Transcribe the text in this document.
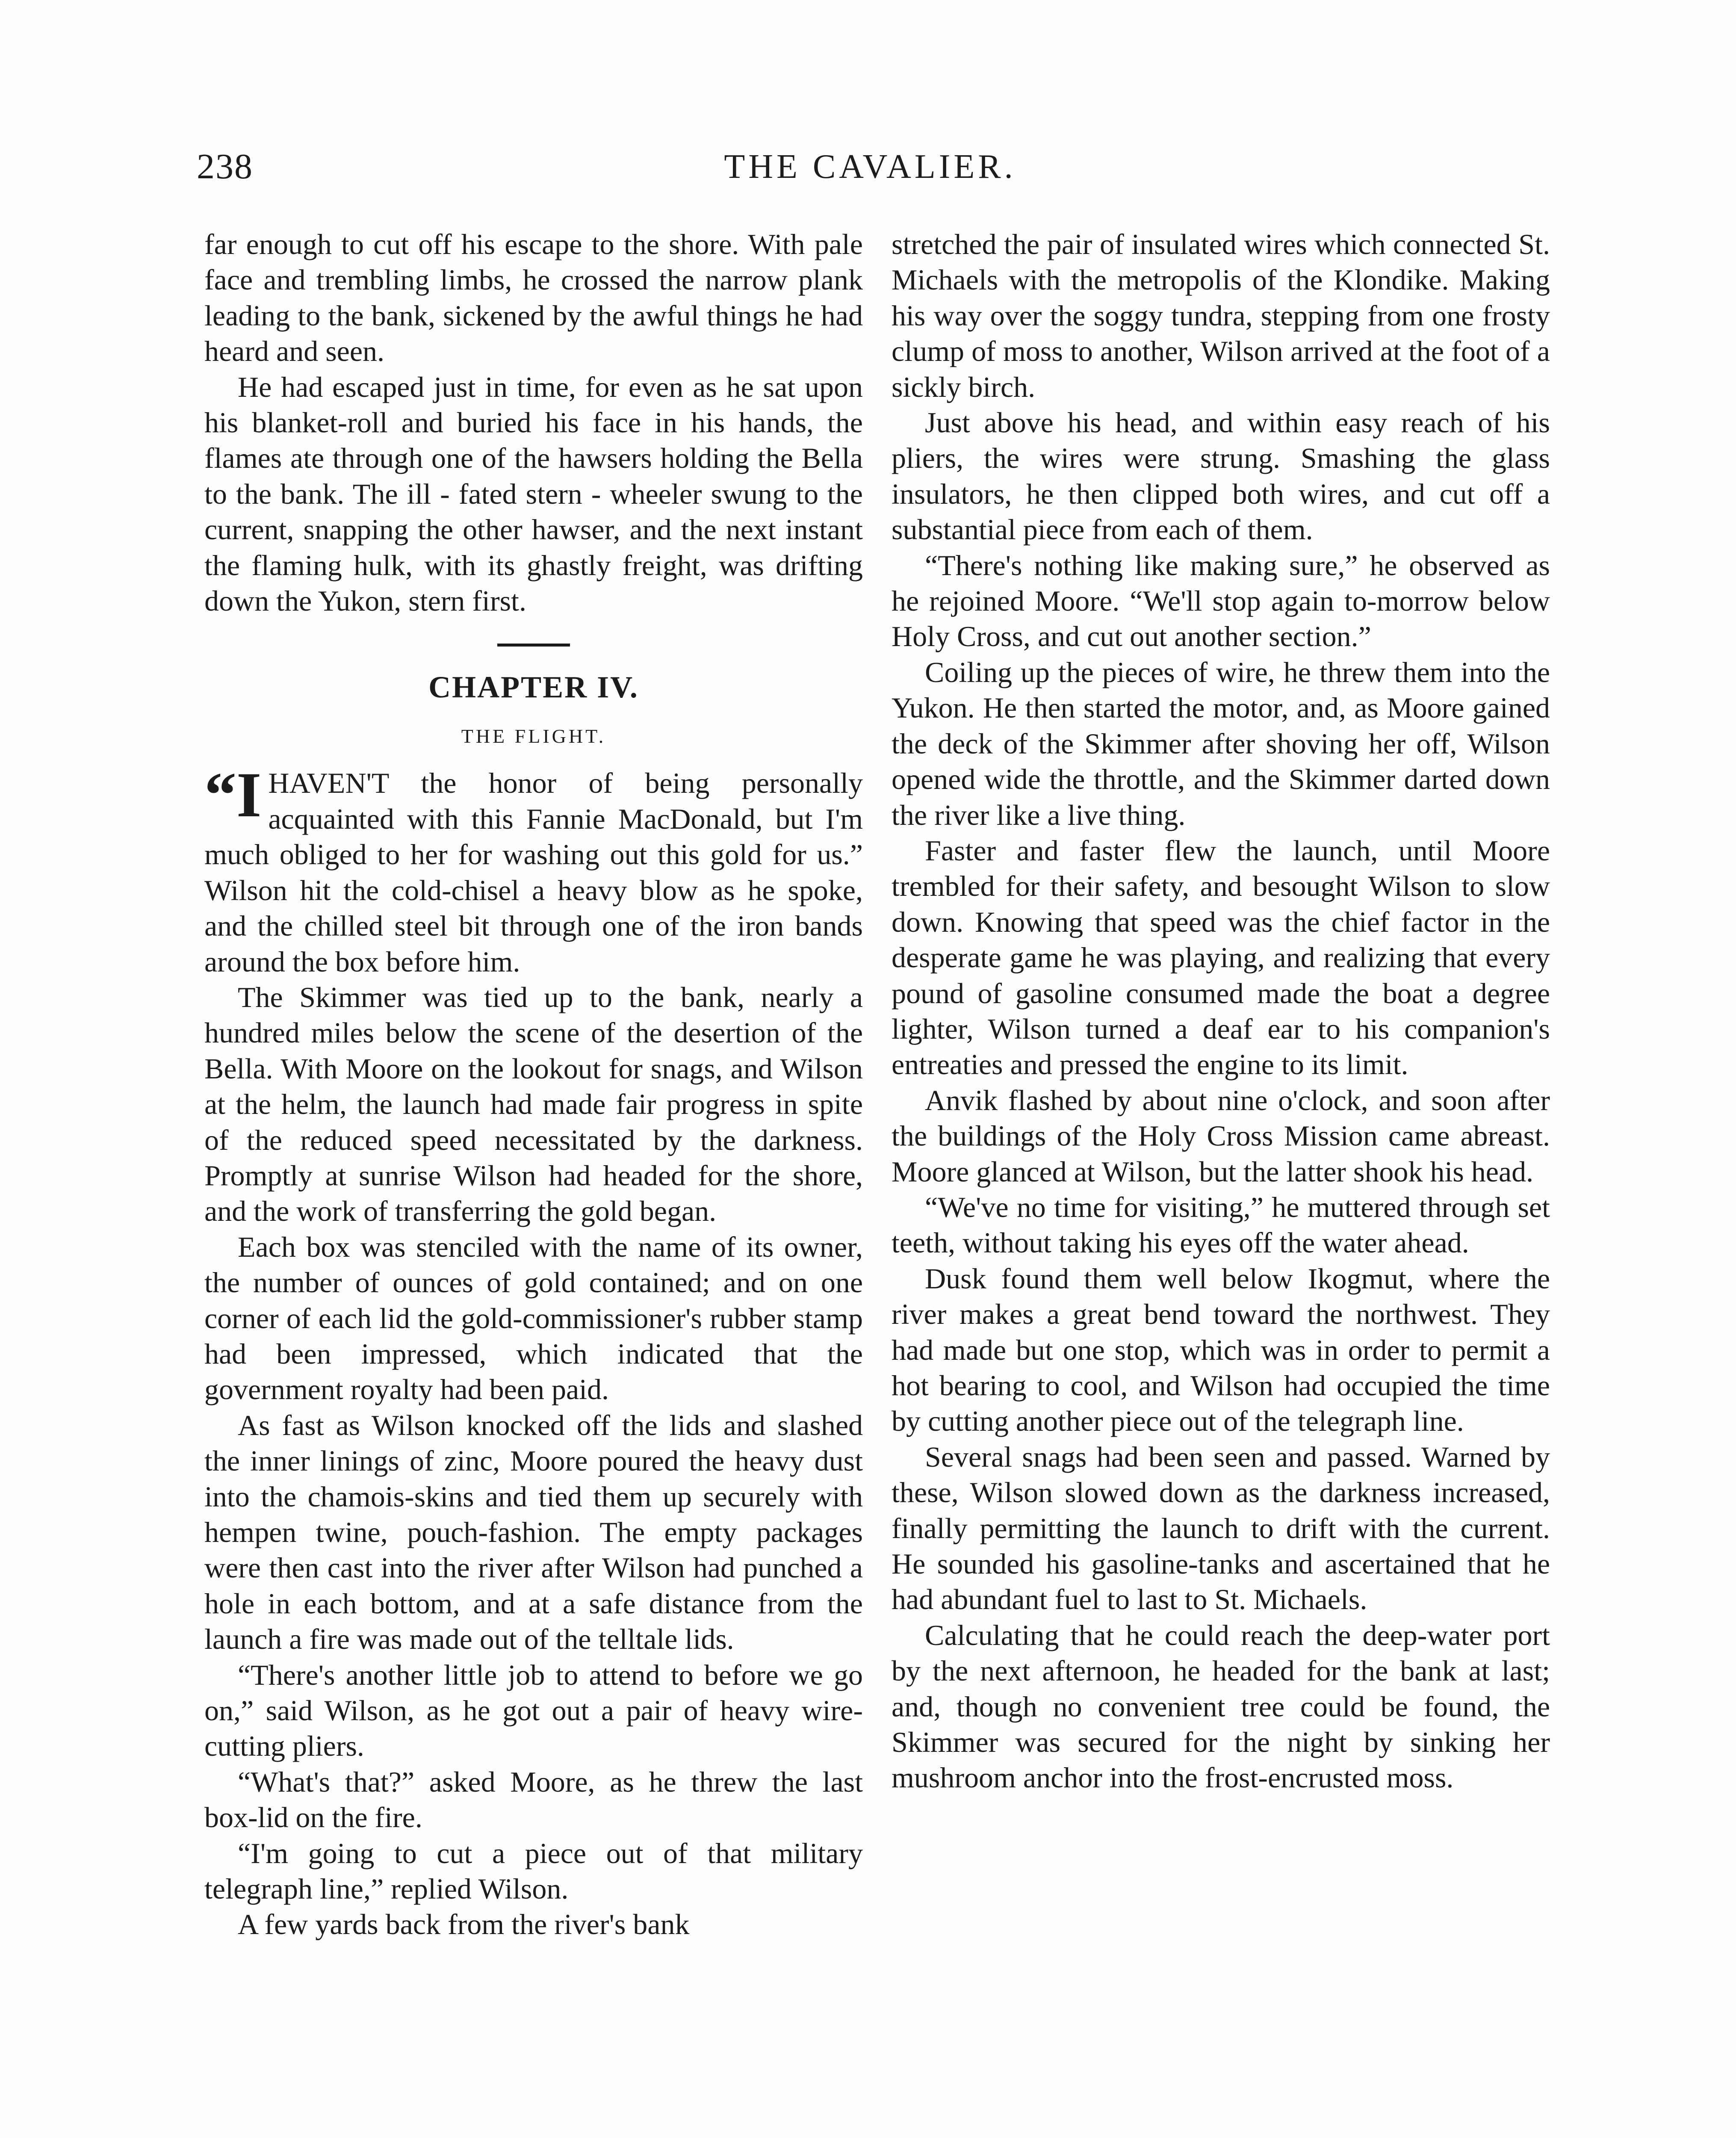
238	THE CAVALIER.

far enough to cut off his escape to the shore. With pale face and trembling limbs, he crossed the narrow plank leading to the bank, sickened by the awful things he had heard and seen.

He had escaped just in time, for even as he sat upon his blanket-roll and buried his face in his hands, the flames ate through one of the hawsers holding the Bella to the bank. The ill - fated stern - wheeler swung to the current, snapping the other hawser, and the next instant the flaming hulk, with its ghastly freight, was drifting down the Yukon, stern first.

CHAPTER IV.
THE FLIGHT.

“I HAVEN'T the honor of being personally acquainted with this Fannie MacDonald, but I'm much obliged to her for washing out this gold for us.” Wilson hit the cold-chisel a heavy blow as he spoke, and the chilled steel bit through one of the iron bands around the box before him.

The Skimmer was tied up to the bank, nearly a hundred miles below the scene of the desertion of the Bella. With Moore on the lookout for snags, and Wilson at the helm, the launch had made fair progress in spite of the reduced speed necessitated by the darkness. Promptly at sunrise Wilson had headed for the shore, and the work of transferring the gold began.

Each box was stenciled with the name of its owner, the number of ounces of gold contained; and on one corner of each lid the gold-commissioner's rubber stamp had been impressed, which indicated that the government royalty had been paid.

As fast as Wilson knocked off the lids and slashed the inner linings of zinc, Moore poured the heavy dust into the chamois-skins and tied them up securely with hempen twine, pouch-fashion. The empty packages were then cast into the river after Wilson had punched a hole in each bottom, and at a safe distance from the launch a fire was made out of the telltale lids.

“There's another little job to attend to before we go on,” said Wilson, as he got out a pair of heavy wire-cutting pliers.

“What's that?” asked Moore, as he threw the last box-lid on the fire.

“I'm going to cut a piece out of that military telegraph line,” replied Wilson.

A few yards back from the river's bank

stretched the pair of insulated wires which connected St. Michaels with the metropolis of the Klondike. Making his way over the soggy tundra, stepping from one frosty clump of moss to another, Wilson arrived at the foot of a sickly birch.

Just above his head, and within easy reach of his pliers, the wires were strung. Smashing the glass insulators, he then clipped both wires, and cut off a substantial piece from each of them.

“There's nothing like making sure,” he observed as he rejoined Moore. “We'll stop again to-morrow below Holy Cross, and cut out another section.”

Coiling up the pieces of wire, he threw them into the Yukon. He then started the motor, and, as Moore gained the deck of the Skimmer after shoving her off, Wilson opened wide the throttle, and the Skimmer darted down the river like a live thing.

Faster and faster flew the launch, until Moore trembled for their safety, and besought Wilson to slow down. Knowing that speed was the chief factor in the desperate game he was playing, and realizing that every pound of gasoline consumed made the boat a degree lighter, Wilson turned a deaf ear to his companion's entreaties and pressed the engine to its limit.

Anvik flashed by about nine o'clock, and soon after the buildings of the Holy Cross Mission came abreast. Moore glanced at Wilson, but the latter shook his head.

“We've no time for visiting,” he muttered through set teeth, without taking his eyes off the water ahead.

Dusk found them well below Ikogmut, where the river makes a great bend toward the northwest. They had made but one stop, which was in order to permit a hot bearing to cool, and Wilson had occupied the time by cutting another piece out of the telegraph line.

Several snags had been seen and passed. Warned by these, Wilson slowed down as the darkness increased, finally permitting the launch to drift with the current. He sounded his gasoline-tanks and ascertained that he had abundant fuel to last to St. Michaels.

Calculating that he could reach the deep-water port by the next afternoon, he headed for the bank at last; and, though no convenient tree could be found, the Skimmer was secured for the night by sinking her mushroom anchor into the frost-encrusted moss.
